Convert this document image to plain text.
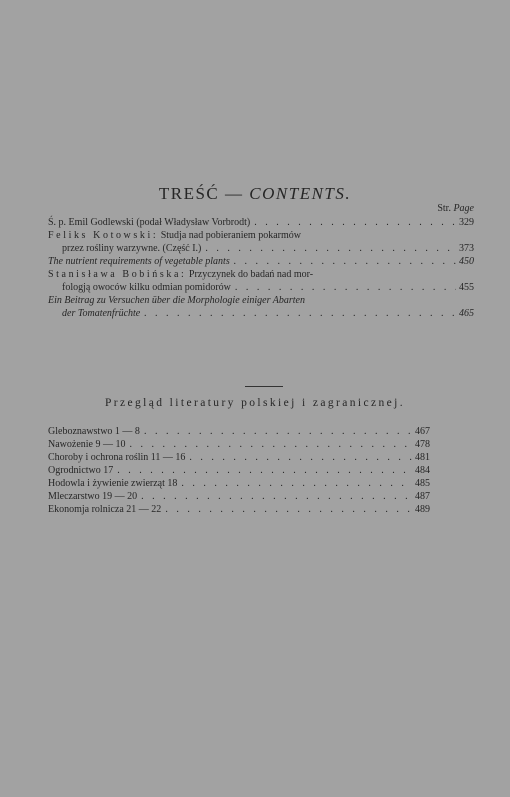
TREŚĆ — CONTENTS.
Str. Page
Ś. p. Emil Godlewski (podał Władysław Vorbrodt) . . .	329
Feliks Kotowski: Studja nad pobieraniem pokarmów
przez rośliny warzywne. (Część I.) . . .	373
The nutrient requirements of vegetable plants . . .	450
Stanisława Bobińska: Przyczynek do badań nad mor-
fologją owoców kilku odmian pomidorów . . .	455
Ein Beitrag zu Versuchen über die Morphologie einiger Abarten
der Tomatenfrüchte . . .	465
Przegląd literatury polskiej i zagranicznej.
Gleboznawstwo 1 — 8 . . .	467
Nawożenie 9 — 10 . . .	478
Choroby i ochrona roślin 11 — 16 . . .	481
Ogrodnictwo 17 . . .	484
Hodowla i żywienie zwierząt 18 . . .	485
Mleczarstwo 19 — 20 . . .	487
Ekonomja rolnicza 21 — 22 . . .	489
